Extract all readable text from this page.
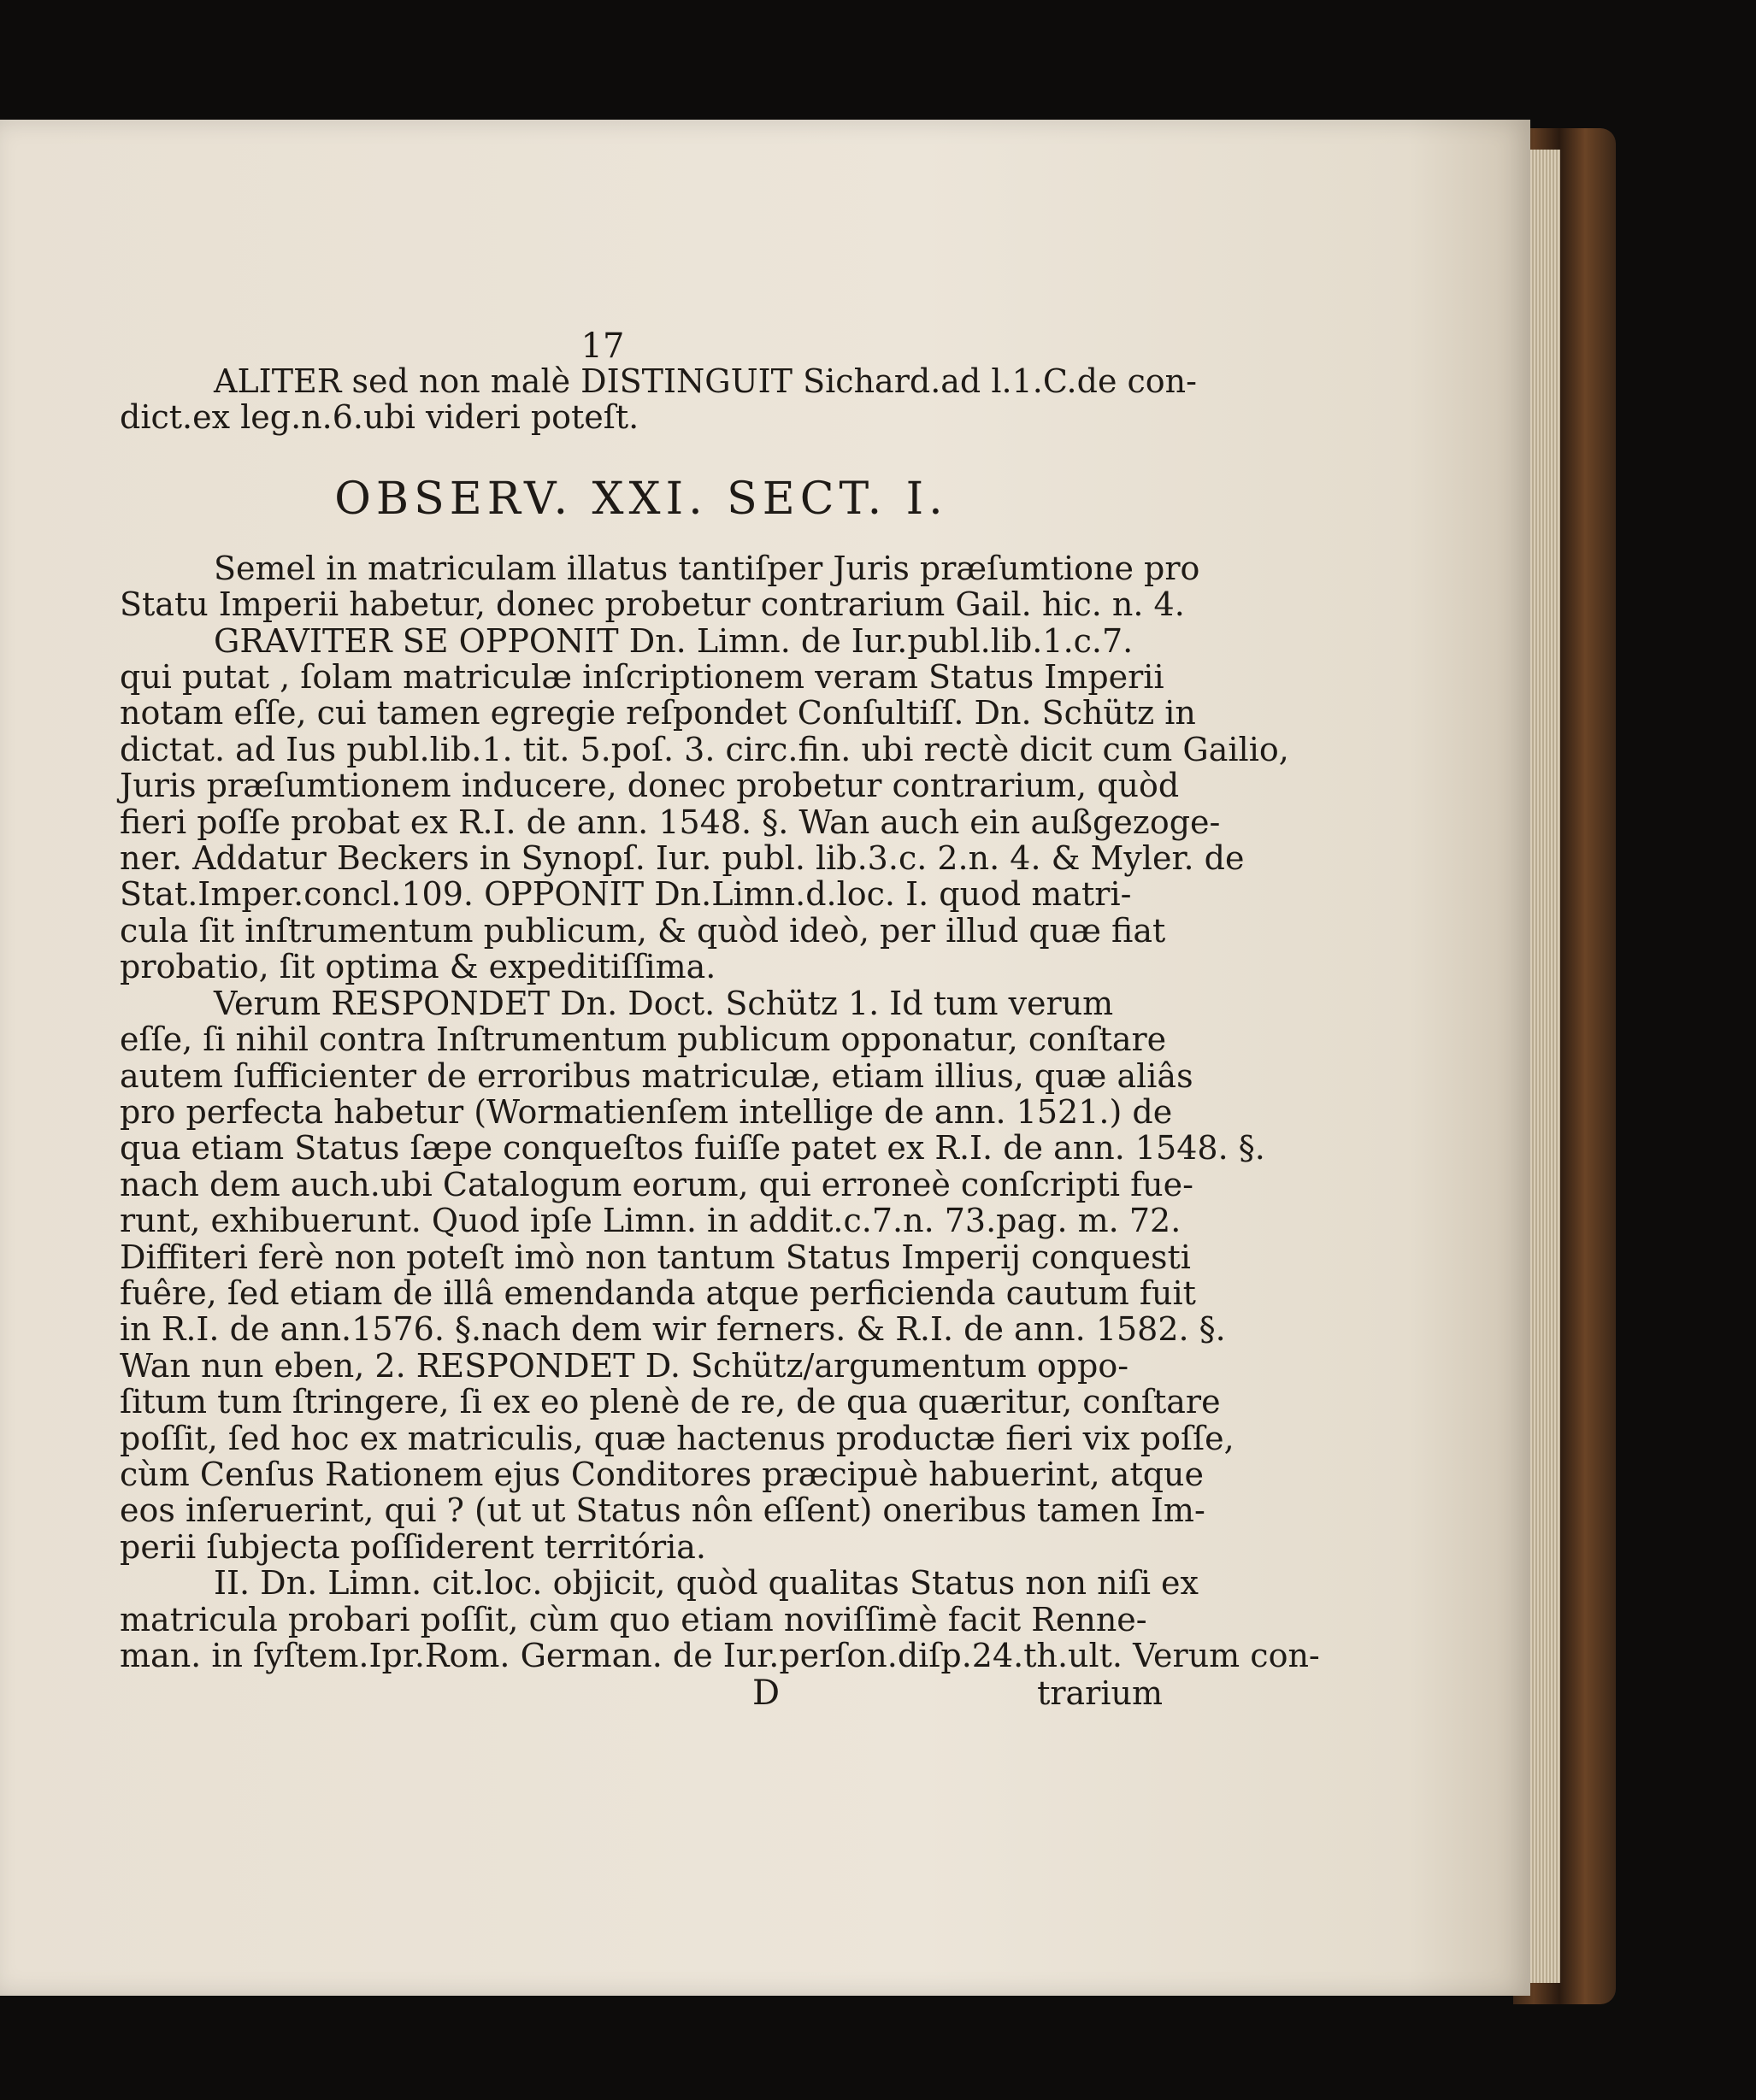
17
ALITER sed non malè DISTINGUIT Sichard.ad l.1.C.de con-
dict.ex leg.n.6.ubi videri poteſt.
OBSERV. XXI. SECT. I.
Semel in matriculam illatus tantiſper Juris præſumtione pro
Statu Imperii habetur, donec probetur contrarium Gail. hic. n. 4.
GRAVITER SE OPPONIT Dn. Limn. de Iur.publ.lib.1.c.7.
qui putat , ſolam matriculæ inſcriptionem veram Status Imperii
notam eſſe, cui tamen egregie reſpondet Conſultiſſ. Dn. Schütz in
dictat. ad Ius publ.lib.1. tit. 5.poſ. 3. circ.fin. ubi rectè dicit cum Gailio,
Juris præſumtionem inducere, donec probetur contrarium, quòd
fieri poſſe probat ex R.I. de ann. 1548. §. Wan auch ein außgezoge-
ner. Addatur Beckers in Synopſ. Iur. publ. lib.3.c. 2.n. 4. & Myler. de
Stat.Imper.concl.109. OPPONIT Dn.Limn.d.loc. I. quod matri-
cula ſit inſtrumentum publicum, & quòd ideò, per illud quæ fiat
probatio, ſit optima & expeditiſſima.
Verum RESPONDET Dn. Doct. Schütz 1. Id tum verum
eſſe, ſi nihil contra Inſtrumentum publicum opponatur, conſtare
autem ſufficienter de erroribus matriculæ, etiam illius, quæ aliâs
pro perfecta habetur (Wormatienſem intellige de ann. 1521.) de
qua etiam Status ſæpe conqueſtos fuiſſe patet ex R.I. de ann. 1548. §.
nach dem auch.ubi Catalogum eorum, qui erroneè conſcripti fue-
runt, exhibuerunt. Quod ipſe Limn. in addit.c.7.n. 73.pag. m. 72.
Diffiteri ferè non poteſt imò non tantum Status Imperij conquesti
fuêre, ſed etiam de illâ emendanda atque perficienda cautum fuit
in R.I. de ann.1576. §.nach dem wir ferners. & R.I. de ann. 1582. §.
Wan nun eben, 2. RESPONDET D. Schütz/argumentum oppo-
ſitum tum ſtringere, ſi ex eo plenè de re, de qua quæritur, conſtare
poſſit, ſed hoc ex matriculis, quæ hactenus productæ fieri vix poſſe,
cùm Cenſus Rationem ejus Conditores præcipuè habuerint, atque
eos inſeruerint, qui ? (ut ut Status nôn eſſent) oneribus tamen Im-
perii ſubjecta poſſiderent territória.
II. Dn. Limn. cit.loc. objicit, quòd qualitas Status non niſi ex
matricula probari poſſit, cùm quo etiam noviſſimè facit Renne-
man. in ſyſtem.Ipr.Rom. German. de Iur.perſon.diſp.24.th.ult. Verum con-
D	trarium
